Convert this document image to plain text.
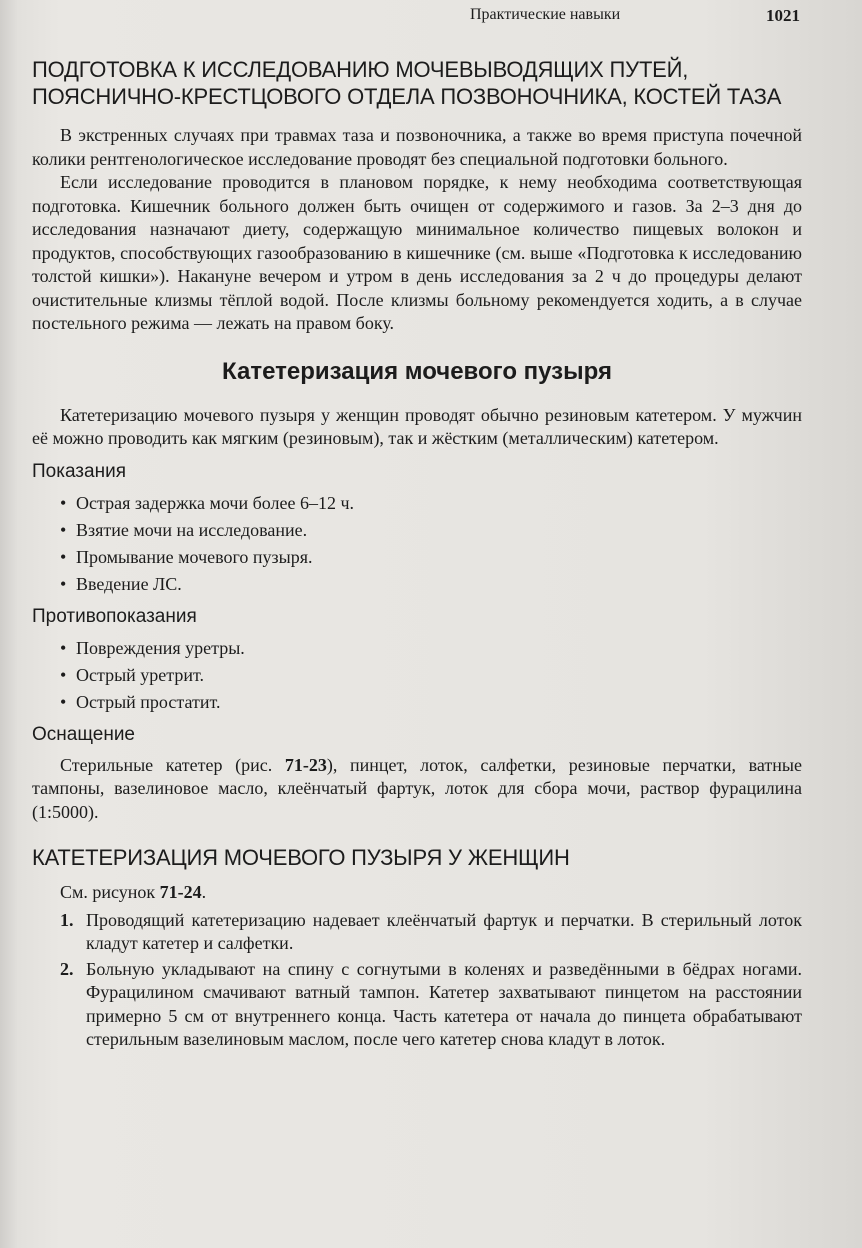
Практические навыки	1021
ПОДГОТОВКА К ИССЛЕДОВАНИЮ МОЧЕВЫВОДЯЩИХ ПУТЕЙ, ПОЯСНИЧНО-КРЕСТЦОВОГО ОТДЕЛА ПОЗВОНОЧНИКА, КОСТЕЙ ТАЗА

В экстренных случаях при травмах таза и позвоночника, а также во время приступа почечной колики рентгенологическое исследование проводят без специальной подготовки больного.

Если исследование проводится в плановом порядке, к нему необходима соответствующая подготовка. Кишечник больного должен быть очищен от содержимого и газов. За 2–3 дня до исследования назначают диету, содержащую минимальное количество пищевых волокон и продуктов, способствующих газообразованию в кишечнике (см. выше «Подготовка к исследованию толстой кишки»). Накануне вечером и утром в день исследования за 2 ч до процедуры делают очистительные клизмы тёплой водой. После клизмы больному рекомендуется ходить, а в случае постельного режима — лежать на правом боку.

Катетеризация мочевого пузыря

Катетеризацию мочевого пузыря у женщин проводят обычно резиновым катетером. У мужчин её можно проводить как мягким (резиновым), так и жёстким (металлическим) катетером.

Показания
• Острая задержка мочи более 6–12 ч.
• Взятие мочи на исследование.
• Промывание мочевого пузыря.
• Введение ЛС.
Противопоказания
• Повреждения уретры.
• Острый уретрит.
• Острый простатит.
Оснащение

Стерильные катетер (рис. 71-23), пинцет, лоток, салфетки, резиновые перчатки, ватные тампоны, вазелиновое масло, клеёнчатый фартук, лоток для сбора мочи, раствор фурацилина (1:5000).

КАТЕТЕРИЗАЦИЯ МОЧЕВОГО ПУЗЫРЯ У ЖЕНЩИН

См. рисунок 71-24.

1. Проводящий катетеризацию надевает клеёнчатый фартук и перчатки. В стерильный лоток кладут катетер и салфетки.
2. Больную укладывают на спину с согнутыми в коленях и разведёнными в бёдрах ногами. Фурацилином смачивают ватный тампон. Катетер захватывают пинцетом на расстоянии примерно 5 см от внутреннего конца. Часть катетера от начала до пинцета обрабатывают стерильным вазелиновым маслом, после чего катетер снова кладут в лоток.
